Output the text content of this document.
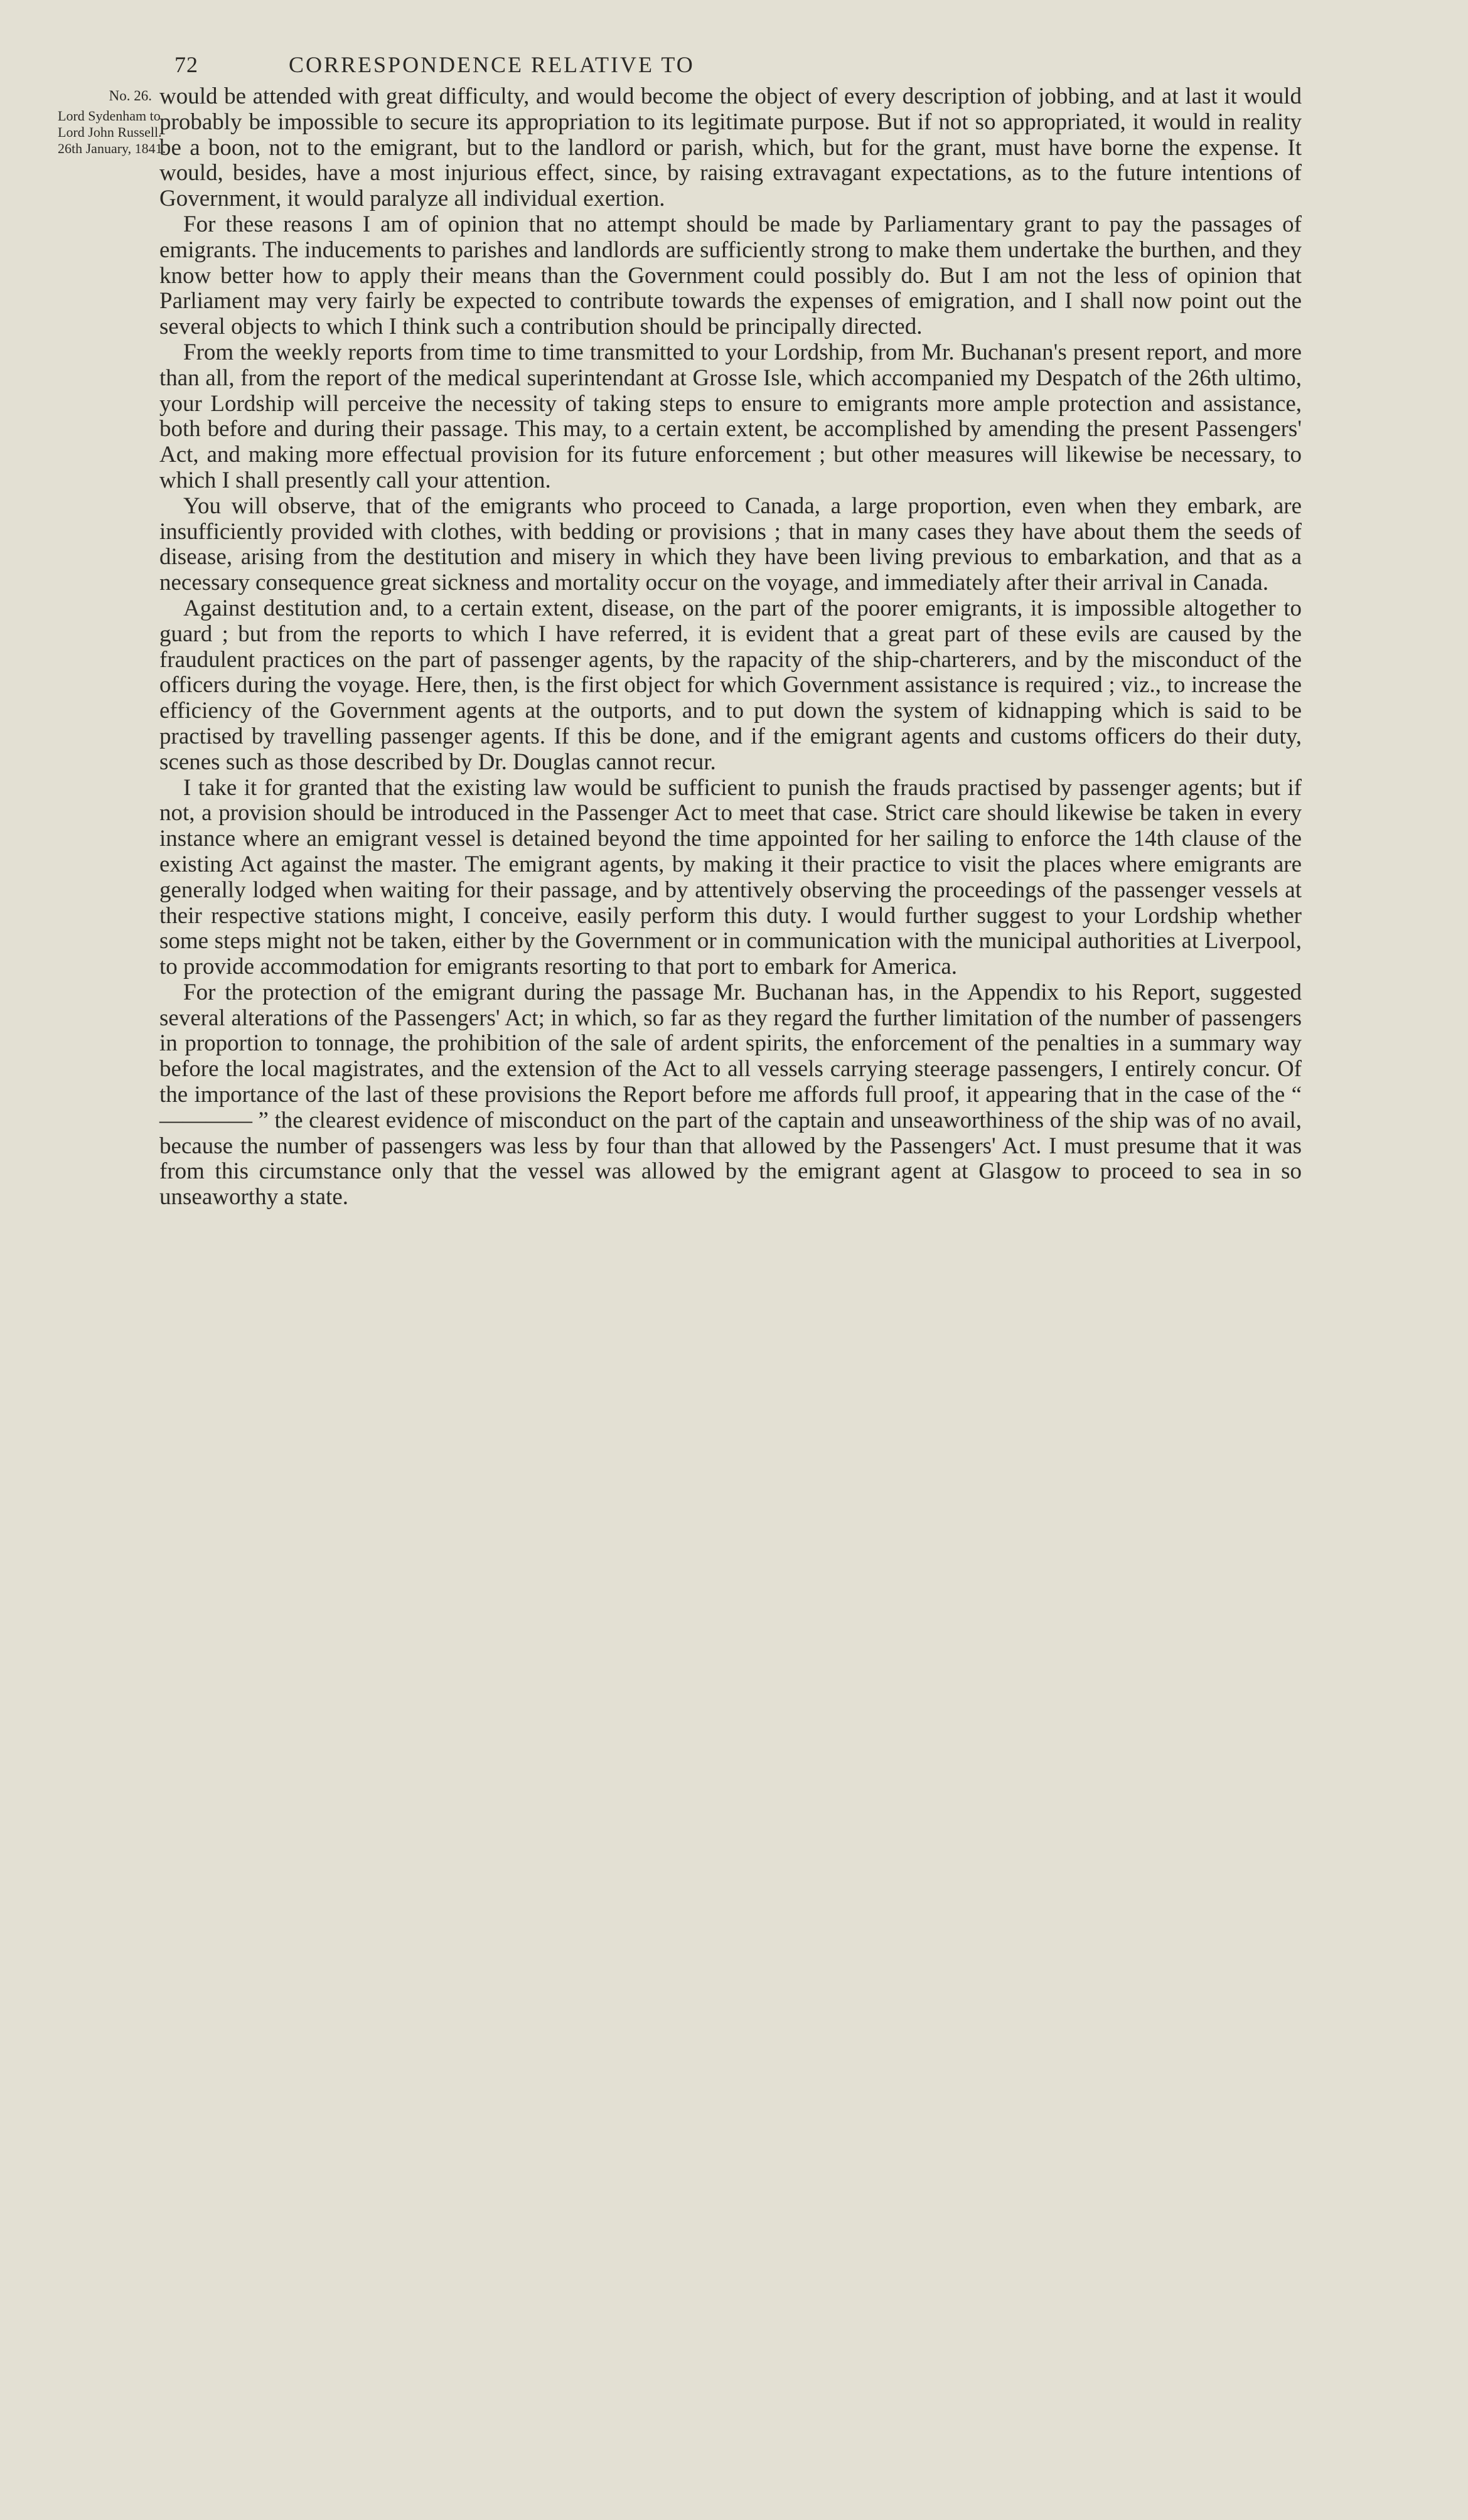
72	CORRESPONDENCE RELATIVE TO
No. 26.
Lord Sydenham to
Lord John Russell.
26th January, 1841.

would be attended with great difficulty, and would become the object of every description of jobbing, and at last it would probably be impossible to secure its appropriation to its legitimate purpose. But if not so appropriated, it would in reality be a boon, not to the emigrant, but to the landlord or parish, which, but for the grant, must have borne the expense. It would, besides, have a most injurious effect, since, by raising extravagant expectations, as to the future intentions of Government, it would paralyze all individual exertion.

For these reasons I am of opinion that no attempt should be made by Parliamentary grant to pay the passages of emigrants. The inducements to parishes and landlords are sufficiently strong to make them undertake the burthen, and they know better how to apply their means than the Government could possibly do. But I am not the less of opinion that Parliament may very fairly be expected to contribute towards the expenses of emigration, and I shall now point out the several objects to which I think such a contribution should be principally directed.

From the weekly reports from time to time transmitted to your Lordship, from Mr. Buchanan's present report, and more than all, from the report of the medical superintendant at Grosse Isle, which accompanied my Despatch of the 26th ultimo, your Lordship will perceive the necessity of taking steps to ensure to emigrants more ample protection and assistance, both before and during their passage. This may, to a certain extent, be accomplished by amending the present Passengers' Act, and making more effectual provision for its future enforcement ; but other measures will likewise be necessary, to which I shall presently call your attention.

You will observe, that of the emigrants who proceed to Canada, a large proportion, even when they embark, are insufficiently provided with clothes, with bedding or provisions ; that in many cases they have about them the seeds of disease, arising from the destitution and misery in which they have been living previous to embarkation, and that as a necessary consequence great sickness and mortality occur on the voyage, and immediately after their arrival in Canada.

Against destitution and, to a certain extent, disease, on the part of the poorer emigrants, it is impossible altogether to guard ; but from the reports to which I have referred, it is evident that a great part of these evils are caused by the fraudulent practices on the part of passenger agents, by the rapacity of the ship-charterers, and by the misconduct of the officers during the voyage. Here, then, is the first object for which Government assistance is required ; viz., to increase the efficiency of the Government agents at the outports, and to put down the system of kidnapping which is said to be practised by travelling passenger agents. If this be done, and if the emigrant agents and customs officers do their duty, scenes such as those described by Dr. Douglas cannot recur.

I take it for granted that the existing law would be sufficient to punish the frauds practised by passenger agents; but if not, a provision should be introduced in the Passenger Act to meet that case. Strict care should likewise be taken in every instance where an emigrant vessel is detained beyond the time appointed for her sailing to enforce the 14th clause of the existing Act against the master. The emigrant agents, by making it their practice to visit the places where emigrants are generally lodged when waiting for their passage, and by attentively observing the proceedings of the passenger vessels at their respective stations might, I conceive, easily perform this duty. I would further suggest to your Lordship whether some steps might not be taken, either by the Government or in communication with the municipal authorities at Liverpool, to provide accommodation for emigrants resorting to that port to embark for America.

For the protection of the emigrant during the passage Mr. Buchanan has, in the Appendix to his Report, suggested several alterations of the Passengers' Act; in which, so far as they regard the further limitation of the number of passengers in proportion to tonnage, the prohibition of the sale of ardent spirits, the enforcement of the penalties in a summary way before the local magistrates, and the extension of the Act to all vessels carrying steerage passengers, I entirely concur. Of the importance of the last of these provisions the Report before me affords full proof, it appearing that in the case of the “ ———— ” the clearest evidence of misconduct on the part of the captain and unseaworthiness of the ship was of no avail, because the number of passengers was less by four than that allowed by the Passengers' Act. I must presume that it was from this circumstance only that the vessel was allowed by the emigrant agent at Glasgow to proceed to sea in so unseaworthy a state.
